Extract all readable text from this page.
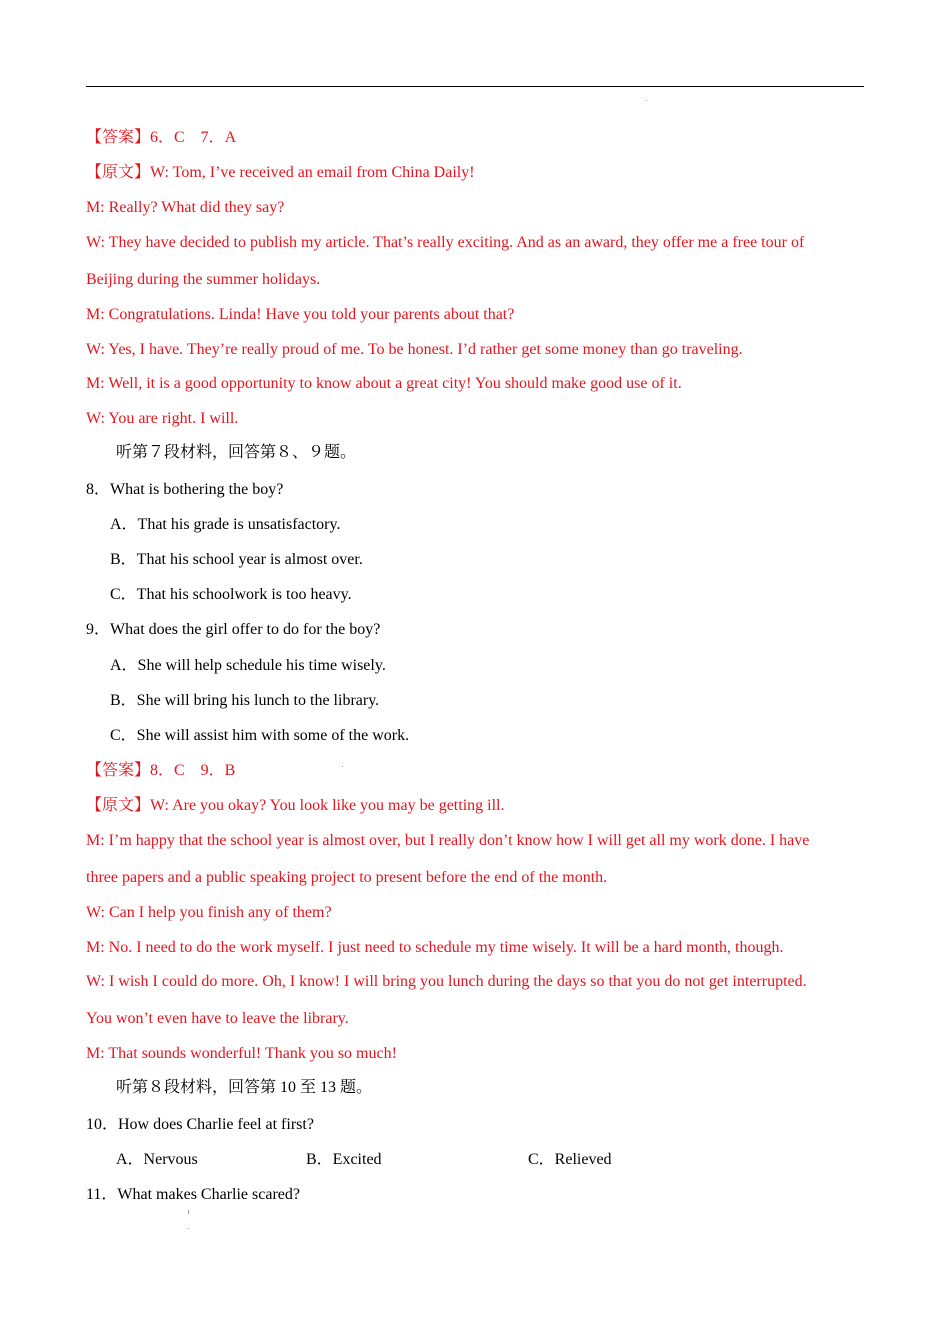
【答案】6．C　7．A
【原文】W: Tom, I’ve received an email from China Daily!
M: Really? What did they say?
W: They have decided to publish my article. That’s really exciting. And as an award, they offer me a free tour of
Beijing during the summer holidays.
M: Congratulations. Linda! Have you told your parents about that?
W: Yes, I have. They’re really proud of me. To be honest. I’d rather get some money than go traveling.
M: Well, it is a good opportunity to know about a great city! You should make good use of it.
W: You are right. I will.
听第７段材料，回答第８、９题。
8．What is bothering the boy?
A．That his grade is unsatisfactory.
B．That his school year is almost over.
C．That his schoolwork is too heavy.
9．What does the girl offer to do for the boy?
A．She will help schedule his time wisely.
B．She will bring his lunch to the library.
C．She will assist him with some of the work.
【答案】8．C　9．B
【原文】W: Are you okay? You look like you may be getting ill.
M: I’m happy that the school year is almost over, but I really don’t know how I will get all my work done. I have
three papers and a public speaking project to present before the end of the month.
W: Can I help you finish any of them?
M: No. I need to do the work myself. I just need to schedule my time wisely. It will be a hard month, though.
W: I wish I could do more. Oh, I know! I will bring you lunch during the days so that you do not get interrupted.
You won’t even have to leave the library.
M: That sounds wonderful! Thank you so much!
听第８段材料，回答第 10 至 13 题。
10．How does Charlie feel at first?
11．What makes Charlie scared?
A．Nervous	B．Excited	C．Relieved
